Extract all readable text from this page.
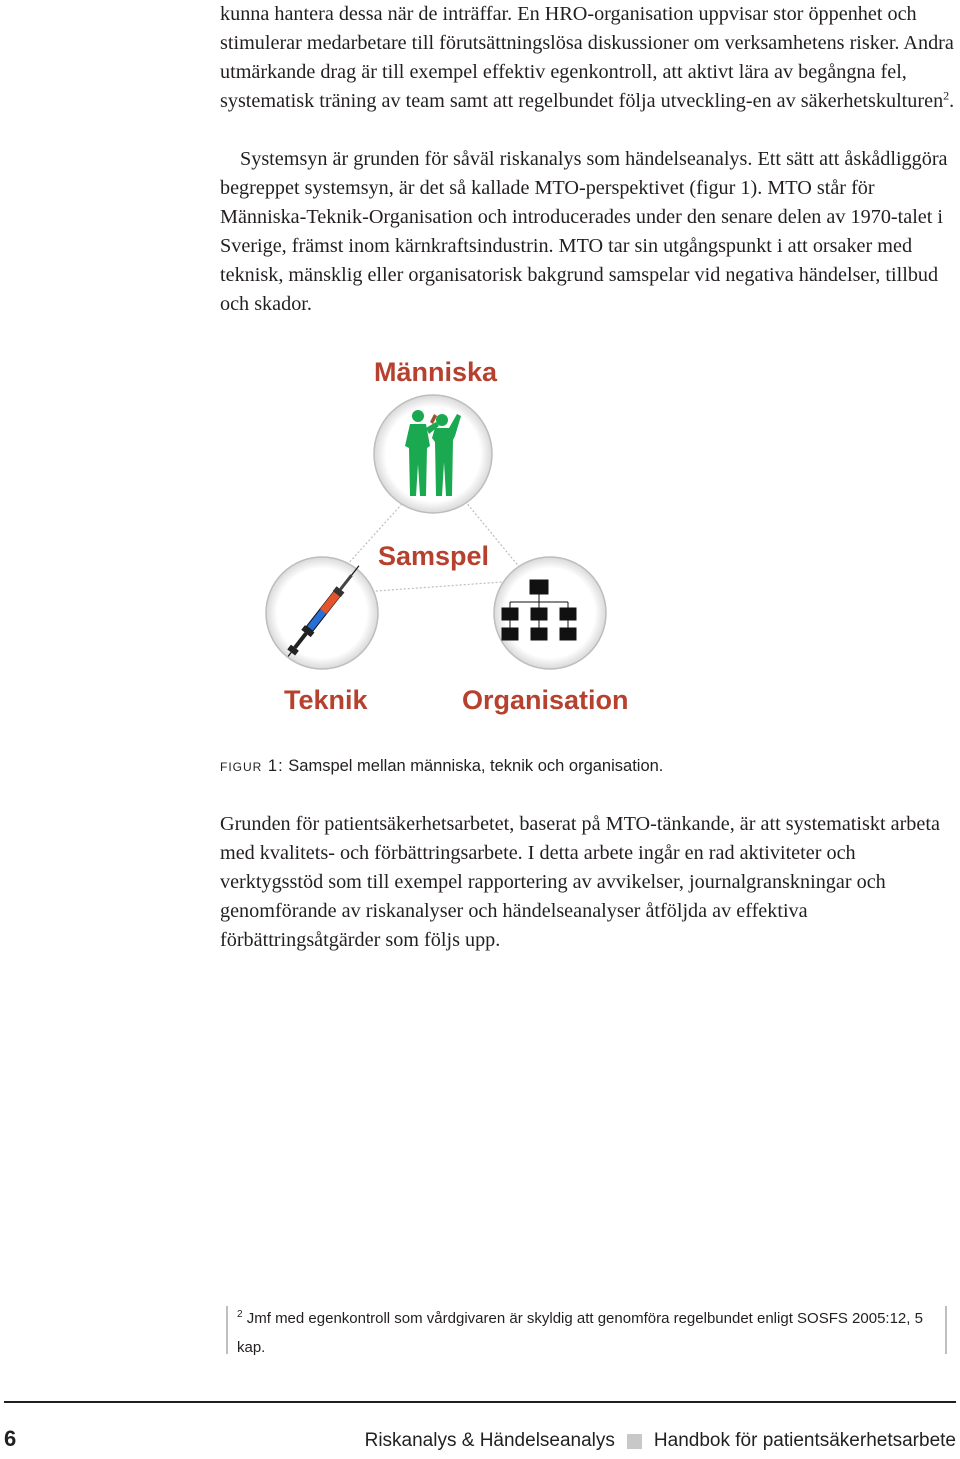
kunna hantera dessa när de inträffar. En HRO-organisation uppvisar stor öppenhet och stimulerar medarbetare till förutsättningslösa diskussioner om verksamhetens risker. Andra utmärkande drag är till exempel effektiv egenkontroll, att aktivt lära av begångna fel, systematisk träning av team samt att regelbundet följa utveckling-en av säkerhetskulturen$^2$.

Systemsyn är grunden för såväl riskanalys som händelseanalys. Ett sätt att åskådliggöra begreppet systemsyn, är det så kallade MTO-perspektivet (figur 1). MTO står för Människa-Teknik-Organisation och introducerades under den senare delen av 1970-talet i Sverige, främst inom kärnkraftsindustrin. MTO tar sin utgångspunkt i att orsaker med teknisk, mänsklig eller organisatorisk bakgrund samspelar vid negativa händelser, tillbud och skador.

Människa
Samspel
Teknik	Organisation
figur 1: Samspel mellan människa, teknik och organisation.

Grunden för patientsäkerhetsarbetet, baserat på MTO-tänkande, är att systematiskt arbeta med kvalitets- och förbättringsarbete. I detta arbete ingår en rad aktiviteter och verktygsstöd som till exempel rapportering av avvikelser, journalgranskningar och genomförande av riskanalyser och händelseanalyser åtföljda av effektiva förbättringsåtgärder som följs upp.

$^2$ Jmf med egenkontroll som vårdgivaren är skyldig att genomföra regelbundet enligt SOSFS 2005:12, 5 kap.
6	Riskanalys & Händelseanalys Handbok för patientsäkerhetsarbete
